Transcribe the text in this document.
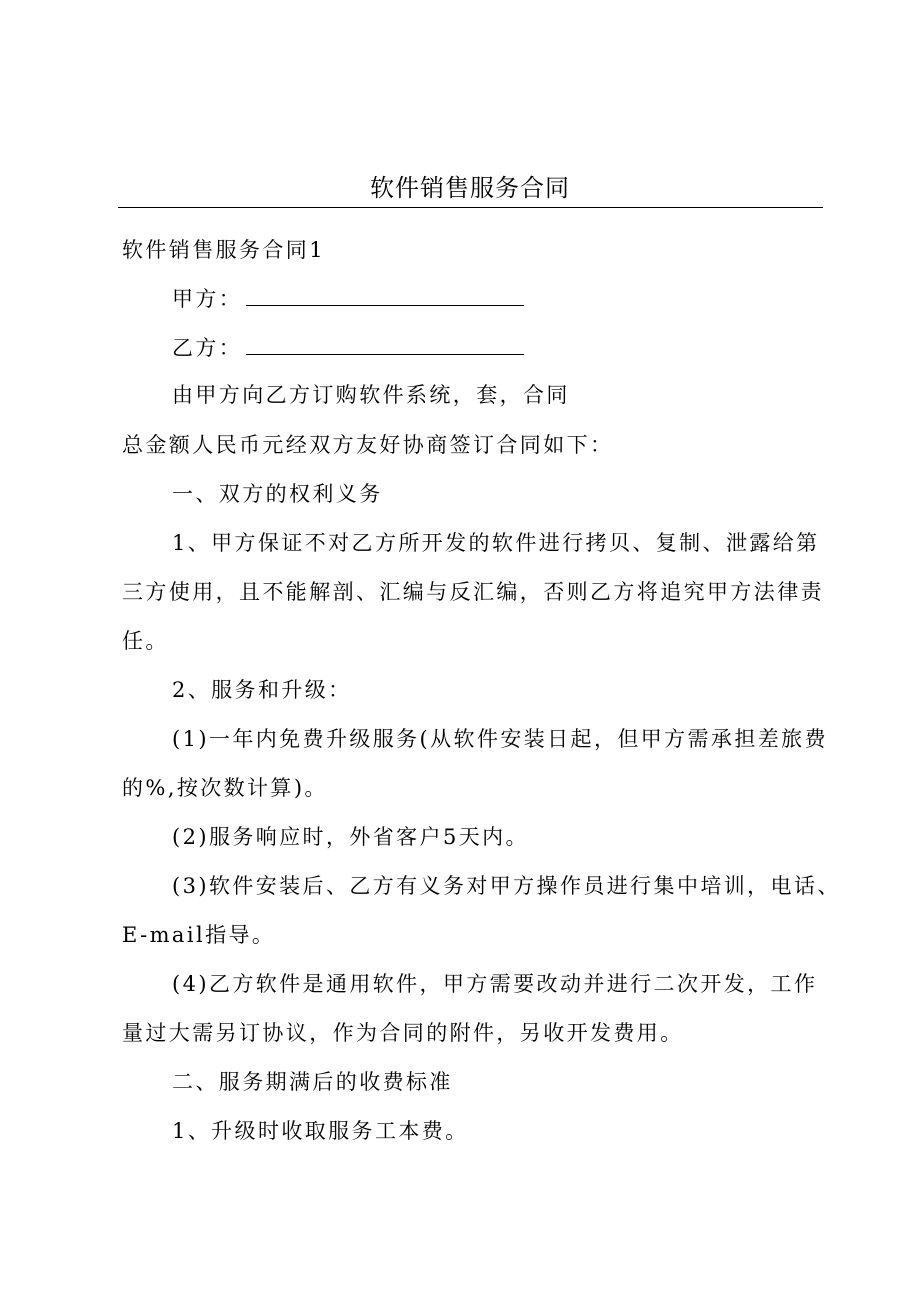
软件销售服务合同
软件销售服务合同1
甲方：
乙方：
由甲方向乙方订购软件系统，套，合同
总金额人民币元经双方友好协商签订合同如下：
一、双方的权利义务
1、甲方保证不对乙方所开发的软件进行拷贝、复制、泄露给第
三方使用，且不能解剖、汇编与反汇编，否则乙方将追究甲方法律责
任。
2、服务和升级：
(1)一年内免费升级服务(从软件安装日起，但甲方需承担差旅费
的%,按次数计算)。
(2)服务响应时，外省客户5天内。
(3)软件安装后、乙方有义务对甲方操作员进行集中培训，电话、
E-mail指导。
(4)乙方软件是通用软件，甲方需要改动并进行二次开发，工作
量过大需另订协议，作为合同的附件，另收开发费用。
二、服务期满后的收费标准
1、升级时收取服务工本费。
